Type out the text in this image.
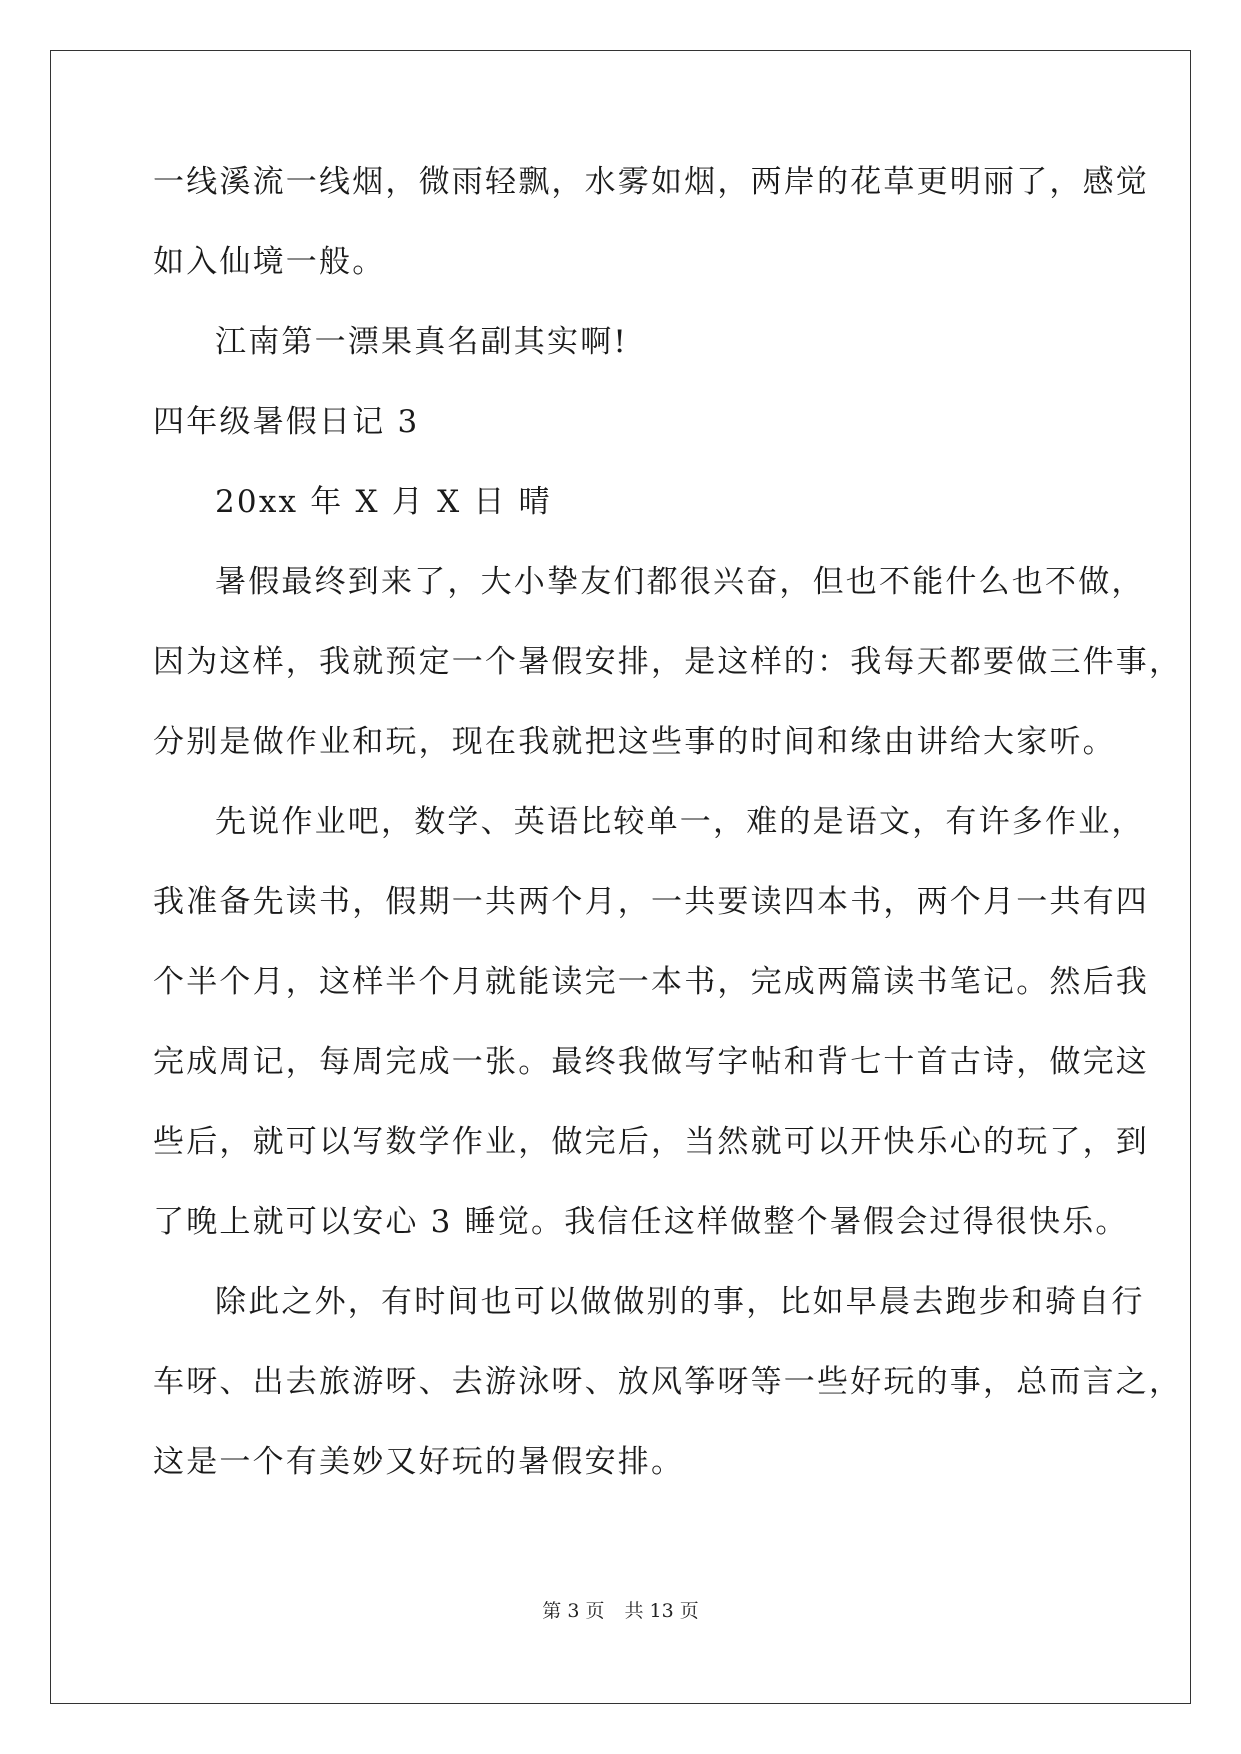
一线溪流一线烟，微雨轻飘，水雾如烟，两岸的花草更明丽了，感觉
如入仙境一般。
江南第一漂果真名副其实啊!
四年级暑假日记 3
20xx 年 X 月 X 日 晴
暑假最终到来了，大小挚友们都很兴奋，但也不能什么也不做，
因为这样，我就预定一个暑假安排，是这样的：我每天都要做三件事，
分别是做作业和玩，现在我就把这些事的时间和缘由讲给大家听。
先说作业吧，数学、英语比较单一，难的是语文，有许多作业，
我准备先读书，假期一共两个月，一共要读四本书，两个月一共有四
个半个月，这样半个月就能读完一本书，完成两篇读书笔记。然后我
完成周记，每周完成一张。最终我做写字帖和背七十首古诗，做完这
些后，就可以写数学作业，做完后，当然就可以开快乐心的玩了，到
了晚上就可以安心 3 睡觉。我信任这样做整个暑假会过得很快乐。
除此之外，有时间也可以做做别的事，比如早晨去跑步和骑自行
车呀、出去旅游呀、去游泳呀、放风筝呀等一些好玩的事，总而言之，
这是一个有美妙又好玩的暑假安排。
第 3 页 共 13 页
